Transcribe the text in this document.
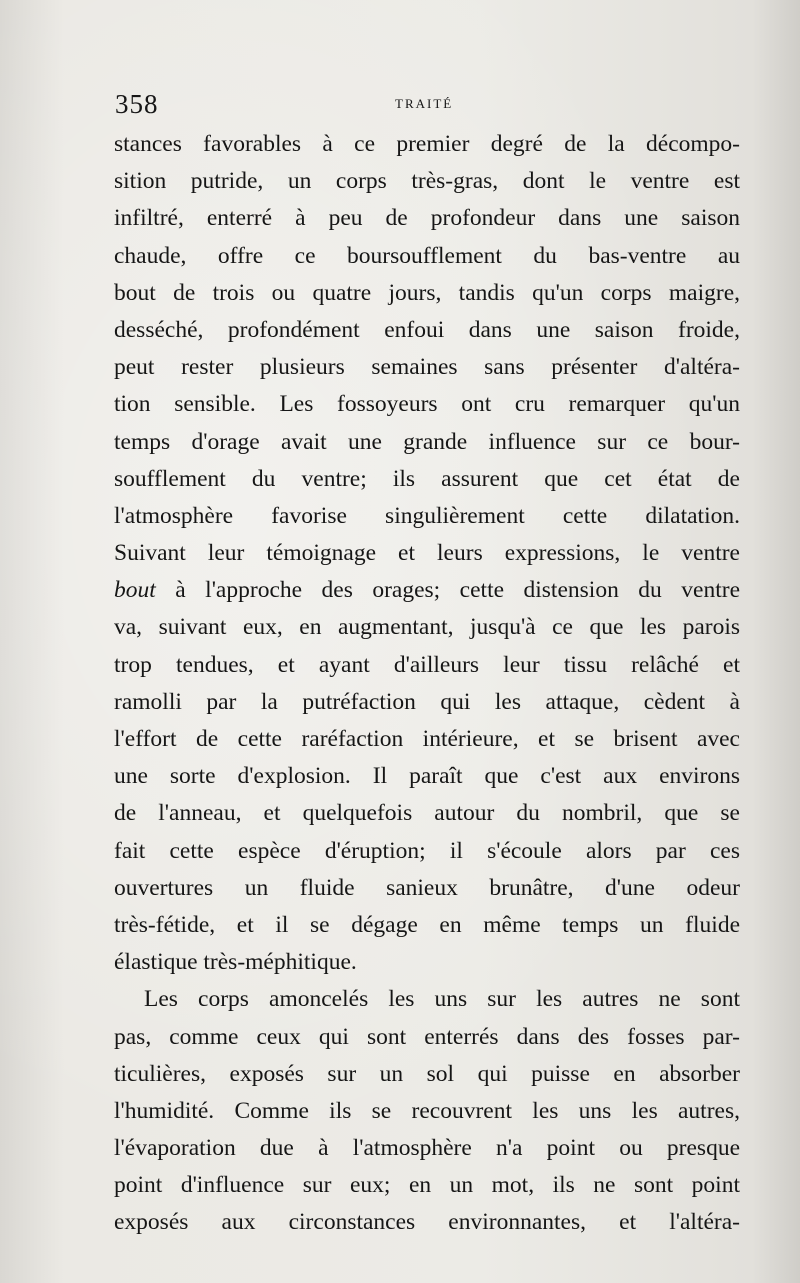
358	TRAITÉ
stances favorables à ce premier degré de la décompo-
sition putride, un corps très-gras, dont le ventre est
infiltré, enterré à peu de profondeur dans une saison
chaude, offre ce boursoufflement du bas-ventre au
bout de trois ou quatre jours, tandis qu'un corps maigre,
desséché, profondément enfoui dans une saison froide,
peut rester plusieurs semaines sans présenter d'altéra-
tion sensible. Les fossoyeurs ont cru remarquer qu'un
temps d'orage avait une grande influence sur ce bour-
soufflement du ventre; ils assurent que cet état de
l'atmosphère favorise singulièrement cette dilatation.
Suivant leur témoignage et leurs expressions, le ventre
bout à l'approche des orages; cette distension du ventre
va, suivant eux, en augmentant, jusqu'à ce que les parois
trop tendues, et ayant d'ailleurs leur tissu relâché et
ramolli par la putréfaction qui les attaque, cèdent à
l'effort de cette raréfaction intérieure, et se brisent avec
une sorte d'explosion. Il paraît que c'est aux environs
de l'anneau, et quelquefois autour du nombril, que se
fait cette espèce d'éruption; il s'écoule alors par ces
ouvertures un fluide sanieux brunâtre, d'une odeur
très-fétide, et il se dégage en même temps un fluide
élastique très-méphitique.
Les corps amoncelés les uns sur les autres ne sont
pas, comme ceux qui sont enterrés dans des fosses par-
ticulières, exposés sur un sol qui puisse en absorber
l'humidité. Comme ils se recouvrent les uns les autres,
l'évaporation due à l'atmosphère n'a point ou presque
point d'influence sur eux; en un mot, ils ne sont point
exposés aux circonstances environnantes, et l'altéra-
